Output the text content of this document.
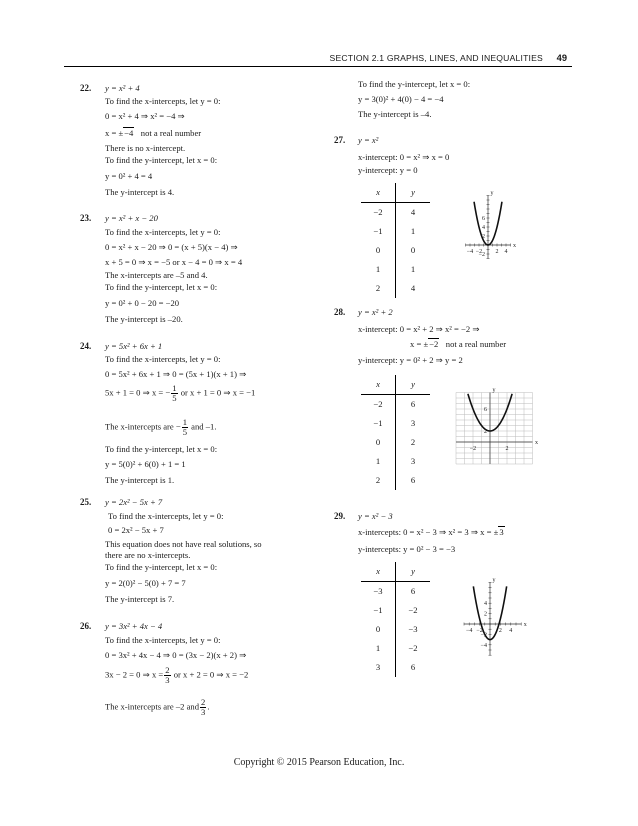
SECTION 2.1 GRAPHS, LINES, AND INEQUALITIES 49
22. y = x² + 4
To find the x-intercepts, let y = 0:
0 = x² + 4 ⇒ x² = −4 ⇒
x = ±−4 not a real number
There is no x-intercept.
To find the y-intercept, let x = 0:
y = 0² + 4 = 4
The y-intercept is 4.
23. y = x² + x − 20
To find the x-intercepts, let y = 0:
0 = x² + x − 20 ⇒ 0 = (x + 5)(x − 4) ⇒
x + 5 = 0 ⇒ x = −5 or x − 4 = 0 ⇒ x = 4
The x-intercepts are –5 and 4.
To find the y-intercept, let x = 0:
y = 0² + 0 − 20 = −20
The y-intercept is –20.
24. y = 5x² + 6x + 1
To find the x-intercepts, let y = 0:
0 = 5x² + 6x + 1 ⇒ 0 = (5x + 1)(x + 1) ⇒
5x + 1 = 0 ⇒ x = − $\frac{1}{5}$ or x + 1 = 0 ⇒ x = −1
The x-intercepts are − $\frac{1}{5}$ and –1.
To find the y-intercept, let x = 0:
y = 5(0)² + 6(0) + 1 = 1
The y-intercept is 1.
25. y = 2x² − 5x + 7
To find the x-intercepts, let y = 0:
0 = 2x² − 5x + 7
This equation does not have real solutions, so
there are no x-intercepts.
To find the y-intercept, let x = 0:
y = 2(0)² − 5(0) + 7 = 7
The y-intercept is 7.
26. y = 3x² + 4x − 4
To find the x-intercepts, let y = 0:
0 = 3x² + 4x − 4 ⇒ 0 = (3x − 2)(x + 2) ⇒
3x − 2 = 0 ⇒ $x = \frac{2}{3}$ or x + 2 = 0 ⇒ x = −2
The x-intercepts are –2 and $\frac{2}{3}$ .
To find the y-intercept, let x = 0:
y = 3(0)² + 4(0) − 4 = −4
The y-intercept is –4.
27. y = x²
x-intercept: 0 = x² ⇒ x = 0
y-intercept: y = 0
x	y
−2	4
−1	1
0	0
1	1
2	4
−4 −2 2 4
6
4
2
−2
x
y
28. y = x² + 2
x-intercept: 0 = x² + 2 ⇒ x² = −2 ⇒
x = ±−2 not a real number
y-intercept: y = 0² + 2 ⇒ y = 2
x	y
−2	6
−1	3
0	2
1	3
2	6
−2	2
6
2
x
y
29. y = x² − 3
x-intercepts: 0 = x² − 3 ⇒ x² = 3 ⇒ x = ±3
y-intercepts: y = 0² − 3 = −3
x	y
−3	6
−1	−2
0	−3
1	−2
3	6
−4 −2	2 4
4
2
−2
−4
x
y
Copyright © 2015 Pearson Education, Inc.
